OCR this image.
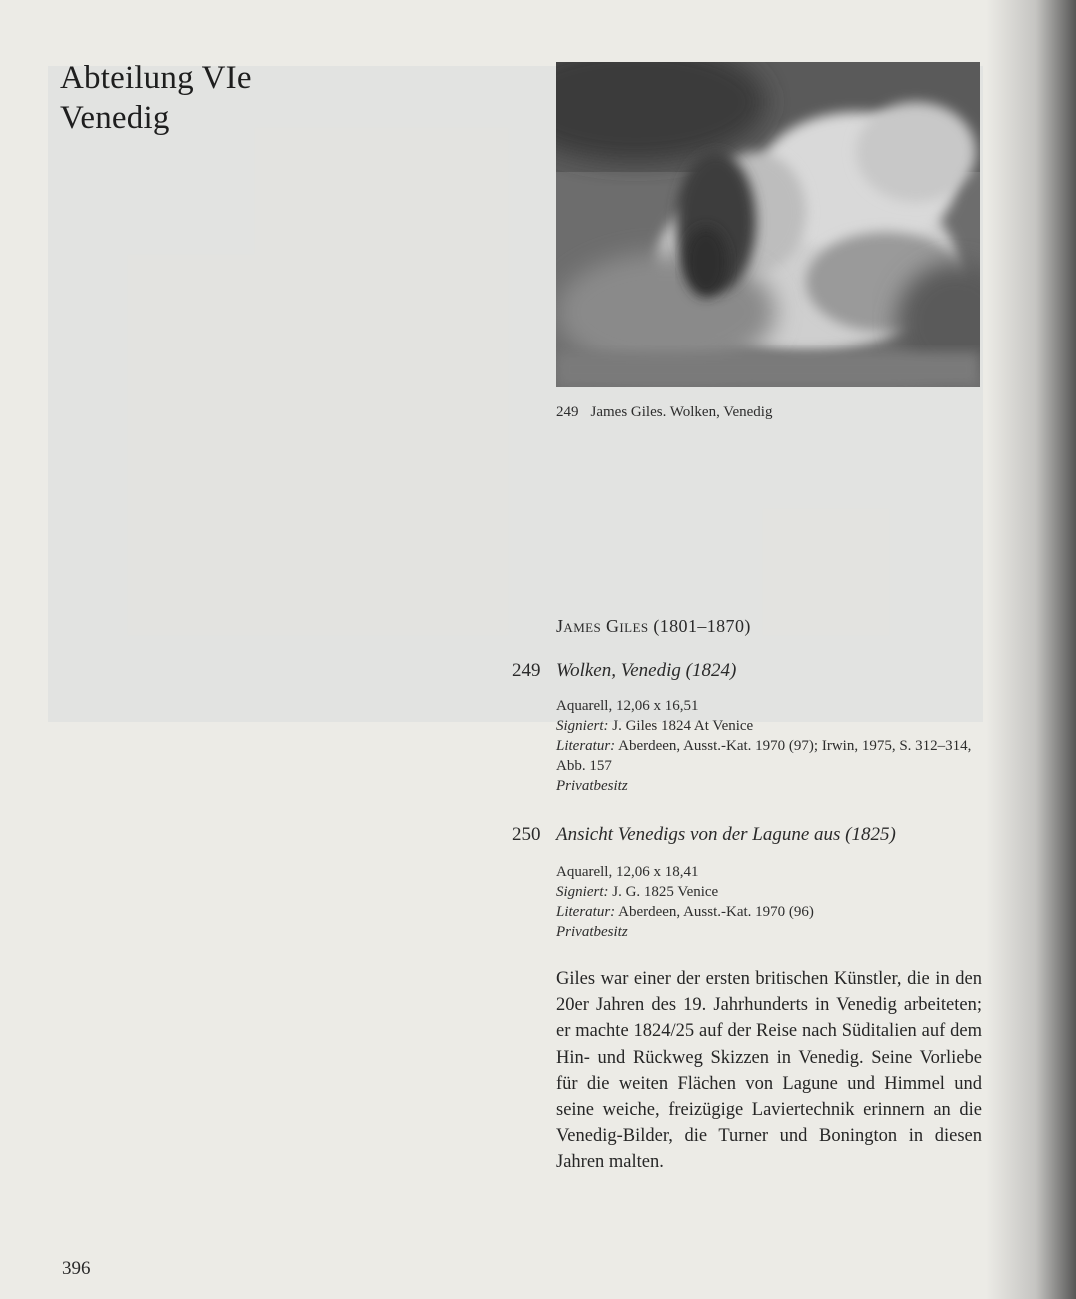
Abteilung VIe
Venedig
249 James Giles. Wolken, Venedig
James Giles (1801–1870)
249 Wolken, Venedig (1824)
Aquarell, 12,06 x 16,51
Signiert: J. Giles 1824 At Venice
Literatur: Aberdeen, Ausst.-Kat. 1970 (97); Irwin, 1975, S. 312–314, Abb. 157
Privatbesitz
250 Ansicht Venedigs von der Lagune aus (1825)
Aquarell, 12,06 x 18,41
Signiert: J. G. 1825 Venice
Literatur: Aberdeen, Ausst.-Kat. 1970 (96)
Privatbesitz
Giles war einer der ersten britischen Künstler, die in den 20er Jahren des 19. Jahrhunderts in Venedig arbeiteten; er machte 1824/25 auf der Reise nach Süditalien auf dem Hin- und Rückweg Skizzen in Venedig. Seine Vorliebe für die weiten Flächen von Lagune und Himmel und seine weiche, freizügige Laviertechnik erinnern an die Venedig-Bilder, die Turner und Bonington in diesen Jahren malten.
396
